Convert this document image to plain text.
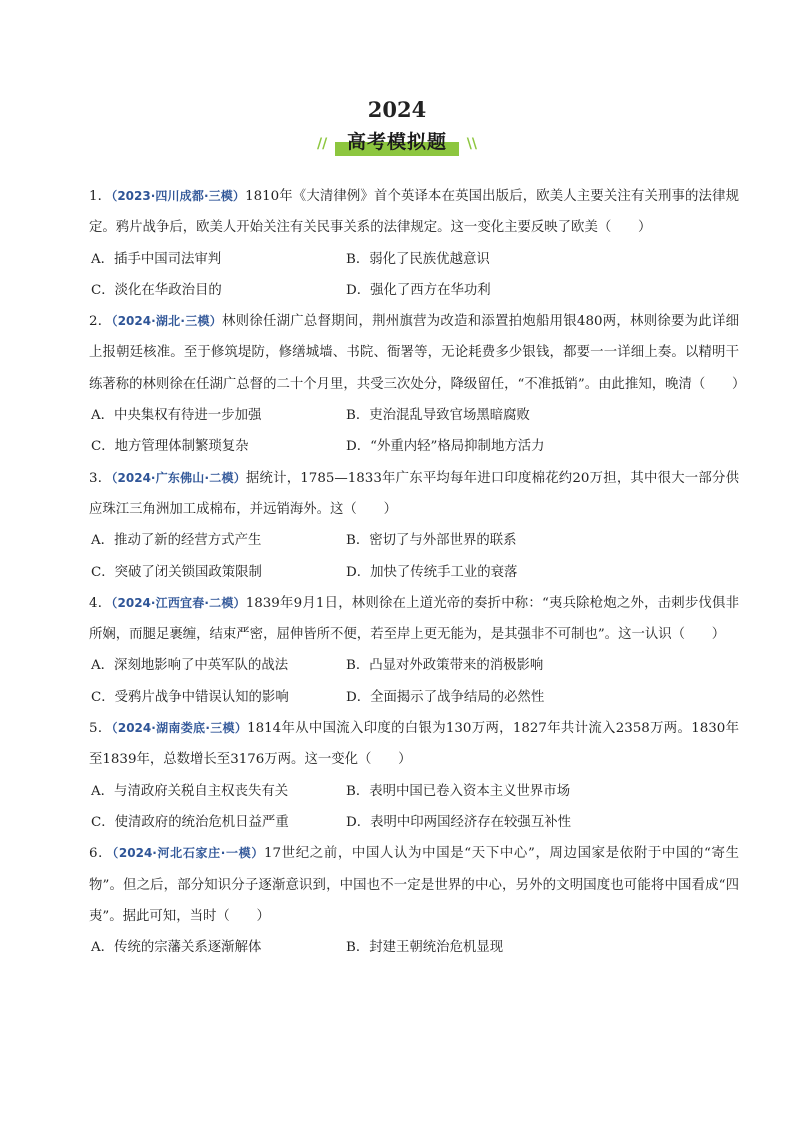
2024
//	高考模拟题	\\

1．（2023·四川成都·三模）1810年《大清律例》首个英译本在英国出版后，欧美人主要关注有关刑事的法律规定。鸦片战争后，欧美人开始关注有关民事关系的法律规定。这一变化主要反映了欧美（　　）

A．插手中国司法审判	B．弱化了民族优越意识
C．淡化在华政治目的	D．强化了西方在华功利

2．（2024·湖北·三模）林则徐任湖广总督期间，荆州旗营为改造和添置拍炮船用银480两，林则徐要为此详细上报朝廷核准。至于修筑堤防，修缮城墙、书院、衙署等，无论耗费多少银钱，都要一一详细上奏。以精明干练著称的林则徐在任湖广总督的二十个月里，共受三次处分，降级留任，“不准抵销”。由此推知，晚清（　　）

A．中央集权有待进一步加强	B．吏治混乱导致官场黑暗腐败
C．地方管理体制繁琐复杂	D．“外重内轻”格局抑制地方活力

3．（2024·广东佛山·二模）据统计，1785—1833年广东平均每年进口印度棉花约20万担，其中很大一部分供应珠江三角洲加工成棉布，并远销海外。这（　　）

A．推动了新的经营方式产生	B．密切了与外部世界的联系
C．突破了闭关锁国政策限制	D．加快了传统手工业的衰落

4．（2024·江西宜春·二模）1839年9月1日，林则徐在上道光帝的奏折中称：“夷兵除枪炮之外，击刺步伐俱非所娴，而腿足裹缠，结束严密，屈伸皆所不便，若至岸上更无能为，是其强非不可制也”。这一认识（　　）

A．深刻地影响了中英军队的战法	B．凸显对外政策带来的消极影响
C．受鸦片战争中错误认知的影响	D．全面揭示了战争结局的必然性

5．（2024·湖南娄底·三模）1814年从中国流入印度的白银为130万两，1827年共计流入2358万两。1830年至1839年，总数增长至3176万两。这一变化（　　）

A．与清政府关税自主权丧失有关	B．表明中国已卷入资本主义世界市场
C．使清政府的统治危机日益严重	D．表明中印两国经济存在较强互补性

6．（2024·河北石家庄·一模）17世纪之前，中国人认为中国是“天下中心”，周边国家是依附于中国的“寄生物”。但之后，部分知识分子逐渐意识到，中国也不一定是世界的中心，另外的文明国度也可能将中国看成“四夷”。据此可知，当时（　　）

A．传统的宗藩关系逐渐解体	B．封建王朝统治危机显现
